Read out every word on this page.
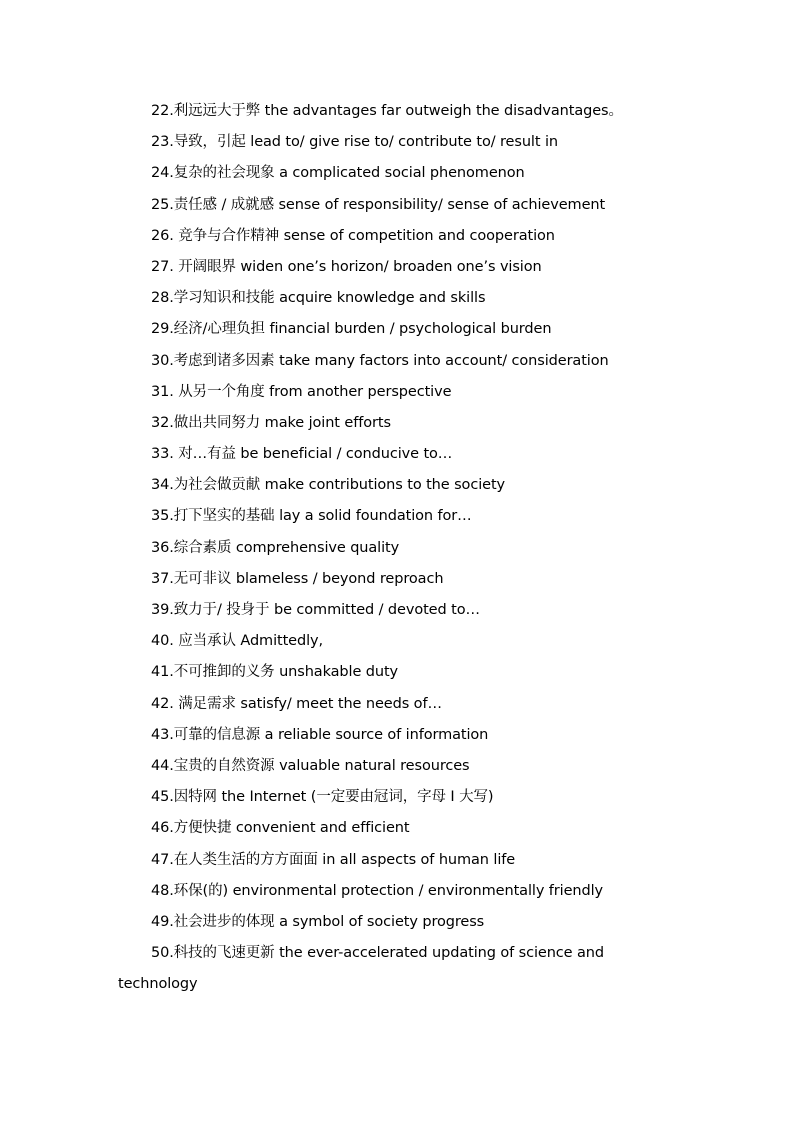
22.利远远大于弊 the advantages far outweigh the disadvantages。
23.导致，引起 lead to/ give rise to/ contribute to/ result in
24.复杂的社会现象 a complicated social phenomenon
25.责任感 / 成就感 sense of responsibility/ sense of achievement
26. 竞争与合作精神 sense of competition and cooperation
27. 开阔眼界 widen one’s horizon/ broaden one’s vision
28.学习知识和技能 acquire knowledge and skills
29.经济/心理负担 financial burden / psychological burden
30.考虑到诸多因素 take many factors into account/ consideration
31. 从另一个角度 from another perspective
32.做出共同努力 make joint efforts
33. 对…有益 be beneficial / conducive to…
34.为社会做贡献 make contributions to the society
35.打下坚实的基础 lay a solid foundation for…
36.综合素质 comprehensive quality
37.无可非议 blameless / beyond reproach
39.致力于/ 投身于 be committed / devoted to…
40. 应当承认 Admittedly,
41.不可推卸的义务 unshakable duty
42. 满足需求 satisfy/ meet the needs of…
43.可靠的信息源 a reliable source of information
44.宝贵的自然资源 valuable natural resources
45.因特网 the Internet (一定要由冠词，字母 I 大写)
46.方便快捷 convenient and efficient
47.在人类生活的方方面面 in all aspects of human life
48.环保(的) environmental protection / environmentally friendly
49.社会进步的体现 a symbol of society progress
50.科技的飞速更新 the ever-accelerated updating of science and technology
